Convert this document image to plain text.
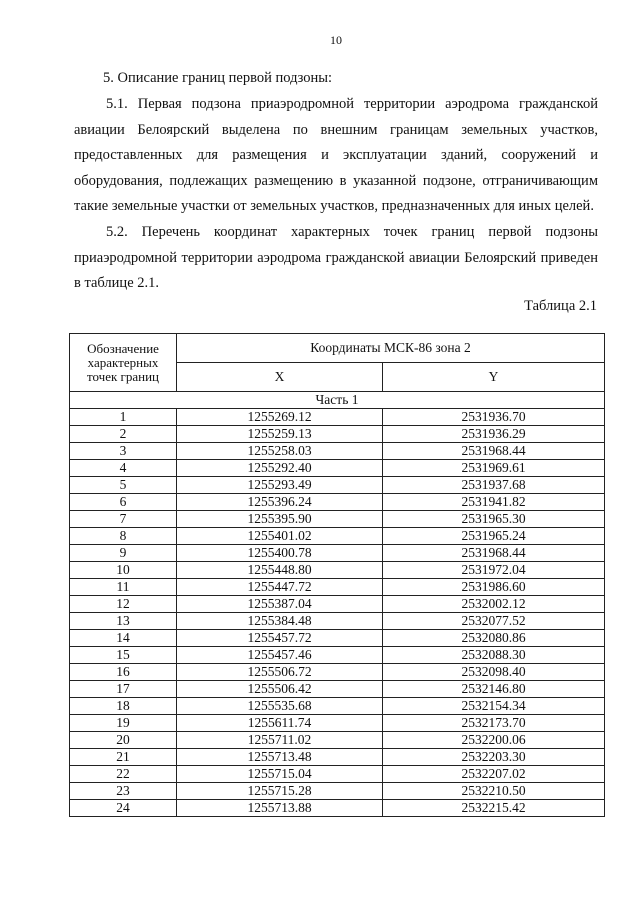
10
5. Описание границ первой подзоны:

5.1. Первая подзона приаэродромной территории аэродрома гражданской авиации Белоярский выделена по внешним границам земельных участков, предоставленных для размещения и эксплуатации зданий, сооружений и оборудования, подлежащих размещению в указанной подзоне, отграничивающим такие земельные участки от земельных участков, предназначенных для иных целей.

5.2. Перечень координат характерных точек границ первой подзоны приаэродромной территории аэродрома гражданской авиации Белоярский приведен в таблице 2.1.

Таблица 2.1
Обозначение характерных точек границ	Координаты МСК-86 зона 2	
	X	Y
Часть 1		
1	1255269.12	2531936.70
2	1255259.13	2531936.29
3	1255258.03	2531968.44
4	1255292.40	2531969.61
5	1255293.49	2531937.68
6	1255396.24	2531941.82
7	1255395.90	2531965.30
8	1255401.02	2531965.24
9	1255400.78	2531968.44
10	1255448.80	2531972.04
11	1255447.72	2531986.60
12	1255387.04	2532002.12
13	1255384.48	2532077.52
14	1255457.72	2532080.86
15	1255457.46	2532088.30
16	1255506.72	2532098.40
17	1255506.42	2532146.80
18	1255535.68	2532154.34
19	1255611.74	2532173.70
20	1255711.02	2532200.06
21	1255713.48	2532203.30
22	1255715.04	2532207.02
23	1255715.28	2532210.50
24	1255713.88	2532215.42
